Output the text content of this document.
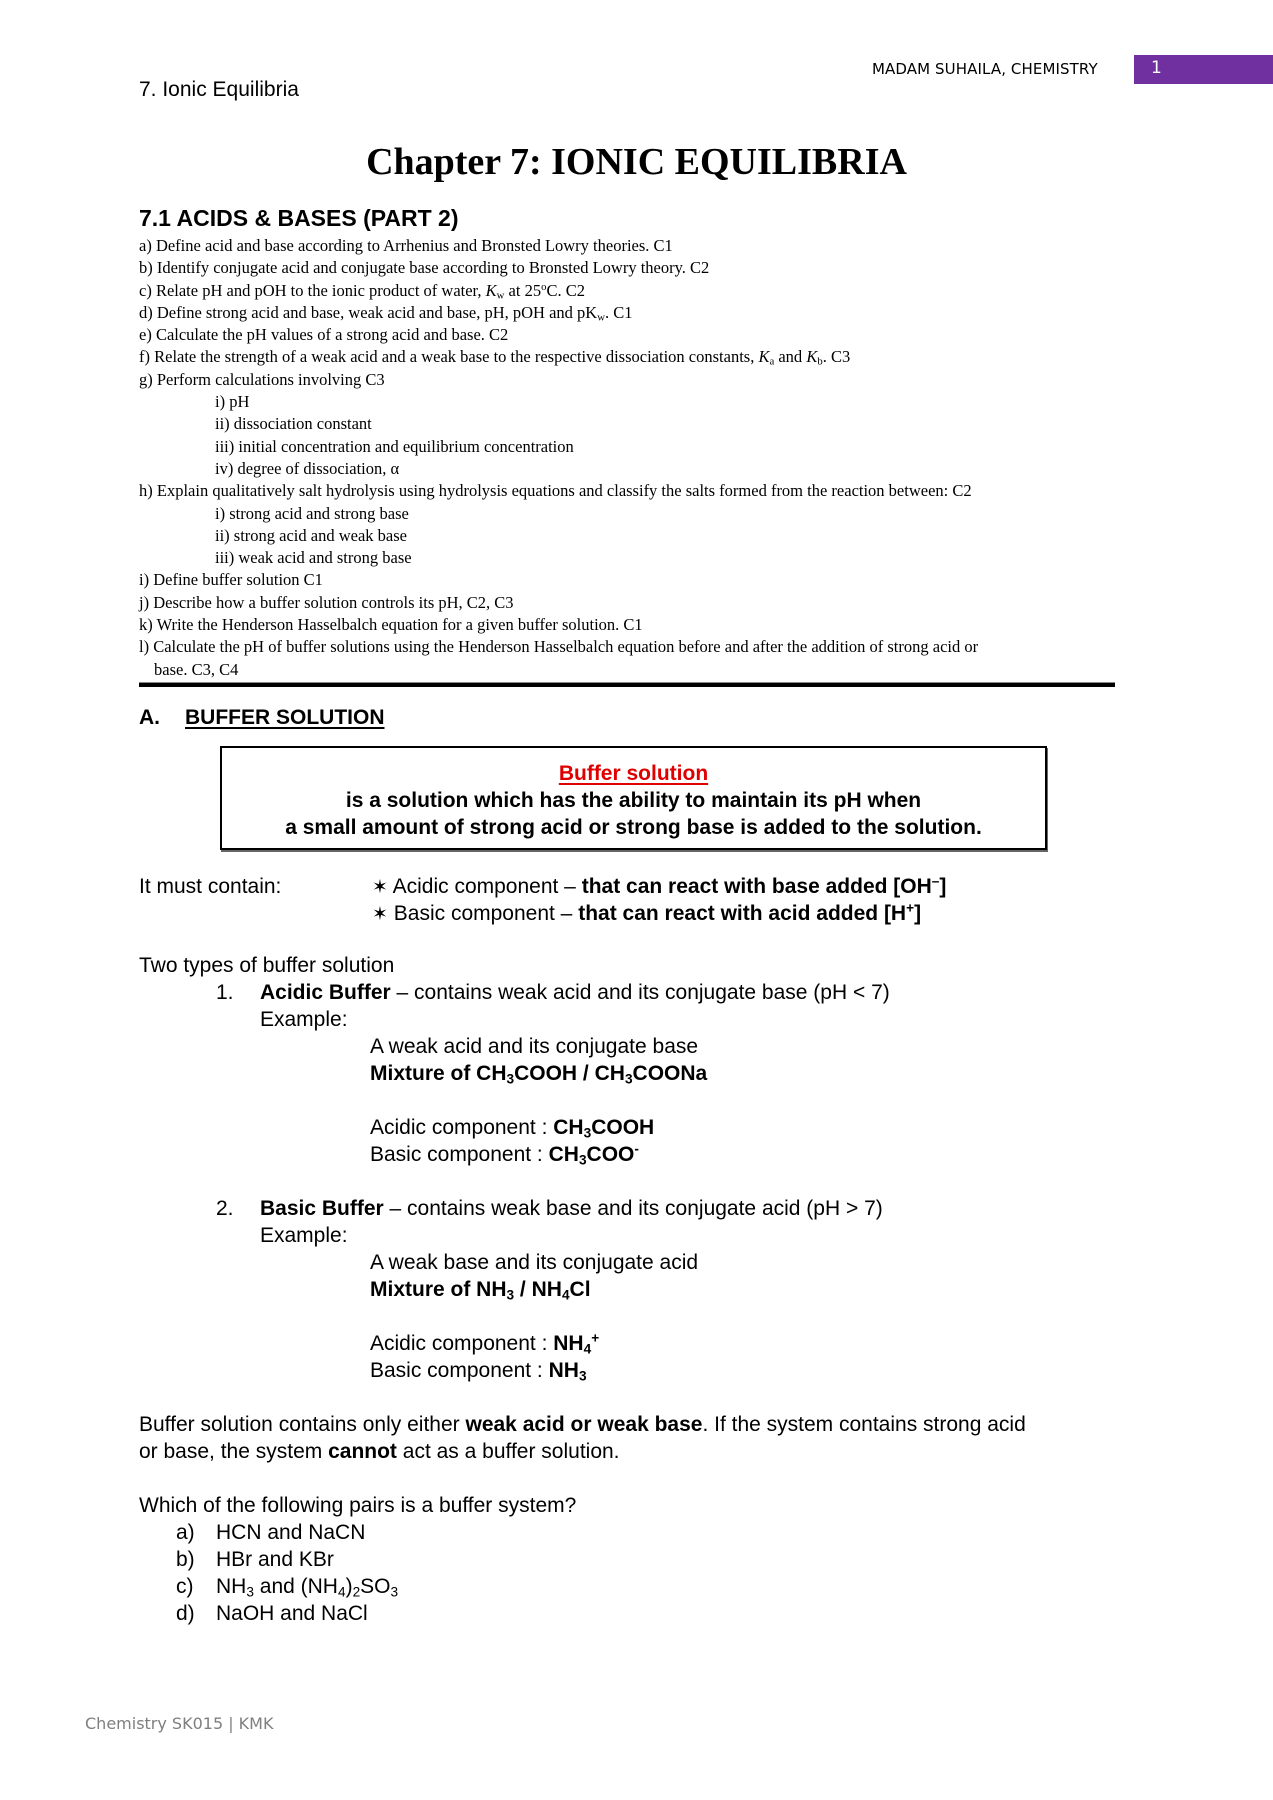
MADAM SUHAILA, CHEMISTRY	1
7. Ionic Equilibria
Chapter 7: IONIC EQUILIBRIA
7.1 ACIDS & BASES (PART 2)
a) Define acid and base according to Arrhenius and Bronsted Lowry theories. C1
b) Identify conjugate acid and conjugate base according to Bronsted Lowry theory. C2
c) Relate pH and pOH to the ionic product of water, $K_w$ at 25$^o$C. C2
d) Define strong acid and base, weak acid and base, pH, pOH and $pK_w$. C1
e) Calculate the pH values of a strong acid and base. C2
f) Relate the strength of a weak acid and a weak base to the respective dissociation constants, $K_a$ and $K_b$. C3
g) Perform calculations involving C3
i) pH
ii) dissociation constant
iii) initial concentration and equilibrium concentration
iv) degree of dissociation, α
h) Explain qualitatively salt hydrolysis using hydrolysis equations and classify the salts formed from the reaction between: C2
i) strong acid and strong base
ii) strong acid and weak base
iii) weak acid and strong base
i) Define buffer solution C1
j) Describe how a buffer solution controls its pH, C2, C3
k) Write the Henderson Hasselbalch equation for a given buffer solution. C1
l) Calculate the pH of buffer solutions using the Henderson Hasselbalch equation before and after the addition of strong acid or
base. C3, C4
A. BUFFER SOLUTION
Buffer solution
is a solution which has the ability to maintain its pH when
a small amount of strong acid or strong base is added to the solution.
It must contain:	✶ Acidic component – that can react with base added [OH–]
✶ Basic component – that can react with acid added [H+]
Two types of buffer solution
1. Acidic Buffer – contains weak acid and its conjugate base (pH < 7)
Example:
A weak acid and its conjugate base
Mixture of $CH_3COOH$ / $CH_3COONa$
Acidic component : $CH_3COOH$
Basic component : $CH_3COO^-$
2. Basic Buffer – contains weak base and its conjugate acid (pH > 7)
Example:
A weak base and its conjugate acid
Mixture of $NH_3 / NH_4Cl$
Acidic component : $NH_4^+$
Basic component : $NH_3$
Buffer solution contains only either weak acid or weak base. If the system contains strong acid
or base, the system cannot act as a buffer solution.
Which of the following pairs is a buffer system?
a) HCN and NaCN
b) HBr and KBr
c) $NH_3$ and $(NH_4)_2SO_3$
d) NaOH and NaCl
Chemistry SK015 | KMK
